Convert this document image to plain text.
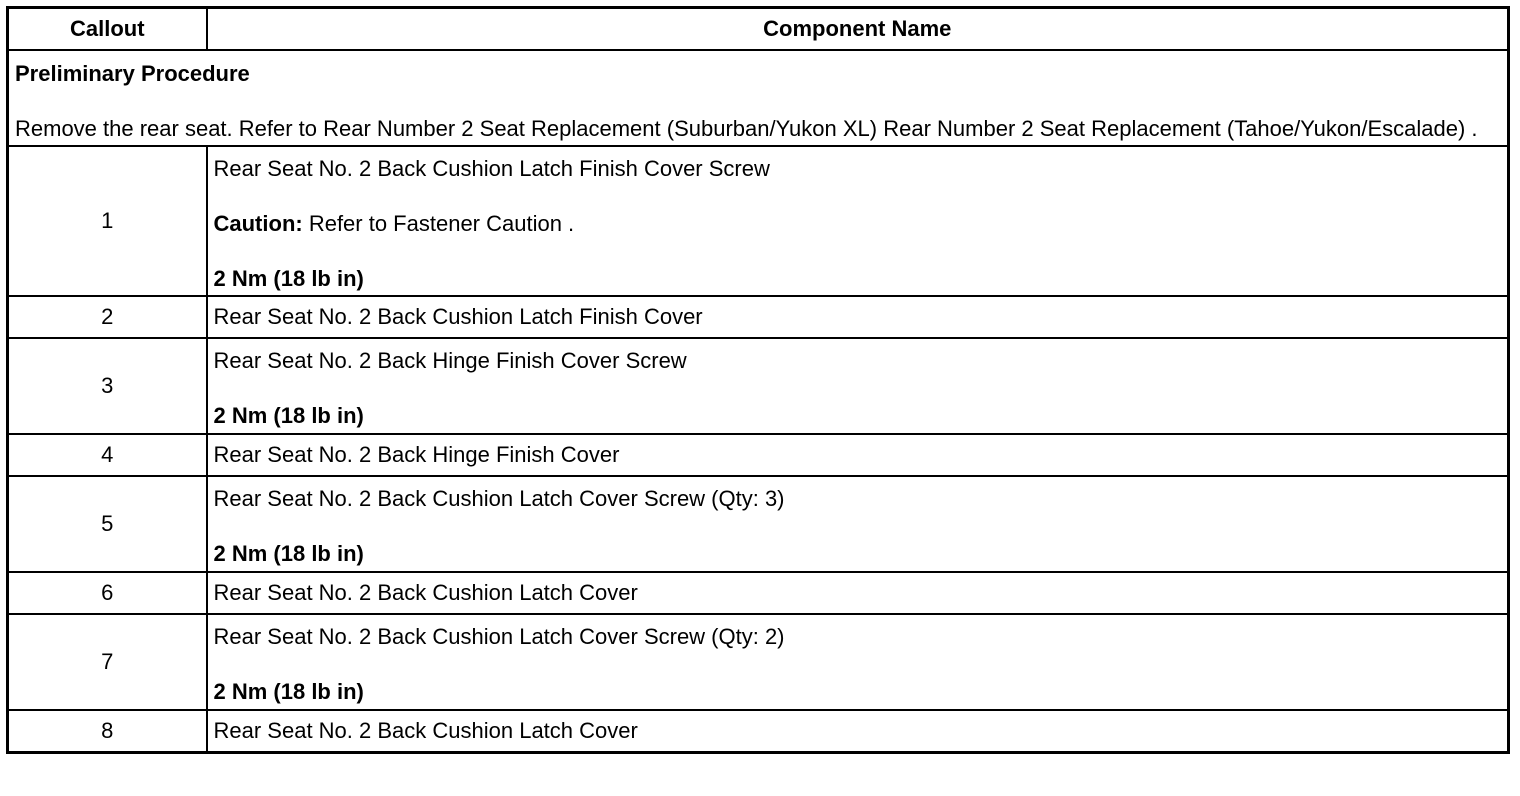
Callout	Component Name

Preliminary Procedure
Remove the rear seat. Refer to Rear Number 2 Seat Replacement (Suburban/Yukon XL) Rear Number 2 Seat Replacement (Tahoe/Yukon/Escalade) .	

1	Rear Seat No. 2 Back Cushion Latch Finish Cover Screw
Caution: Refer to Fastener Caution .
2 Nm (18 lb in)

2	Rear Seat No. 2 Back Cushion Latch Finish Cover
3	Rear Seat No. 2 Back Hinge Finish Cover Screw
2 Nm (18 lb in)

4	Rear Seat No. 2 Back Hinge Finish Cover
5	Rear Seat No. 2 Back Cushion Latch Cover Screw (Qty: 3)
2 Nm (18 lb in)

6	Rear Seat No. 2 Back Cushion Latch Cover
7	Rear Seat No. 2 Back Cushion Latch Cover Screw (Qty: 2)
2 Nm (18 lb in)

8	Rear Seat No. 2 Back Cushion Latch Cover
